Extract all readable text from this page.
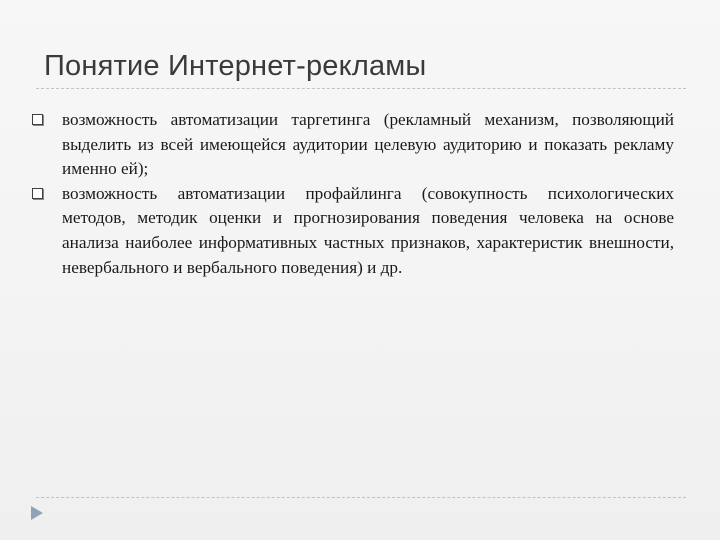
Понятие Интернет-рекламы
возможность автоматизации таргетинга (рекламный механизм, позволяющий выделить из всей имеющейся аудитории целевую аудиторию и показать рекламу именно ей);
возможность автоматизации профайлинга (совокупность психологических методов, методик оценки и прогнозирования поведения человека на основе анализа наиболее информативных частных признаков, характеристик внешности, невербального и вербального поведения) и др.
